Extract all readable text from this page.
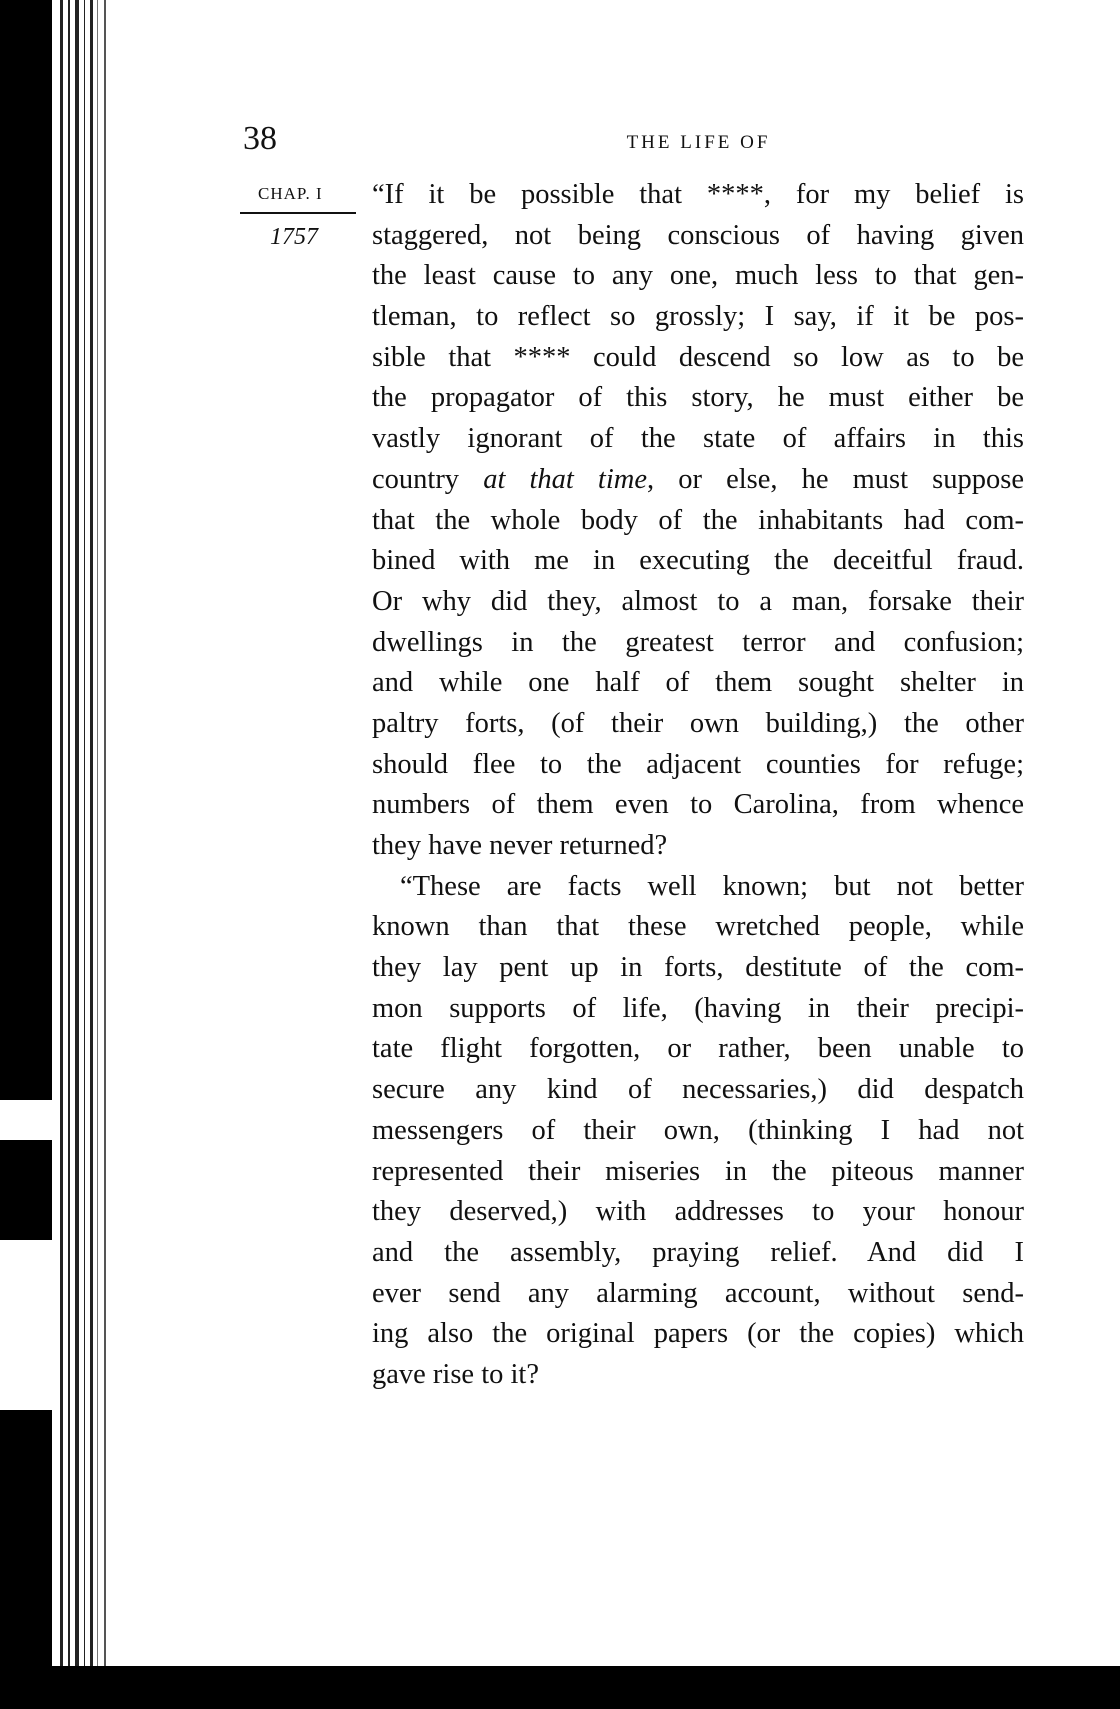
38	THE LIFE OF
CHAP. I
1757
“If it be possible that ****, for my belief is
staggered, not being conscious of having given
the least cause to any one, much less to that gen-
tleman, to reflect so grossly; I say, if it be pos-
sible that **** could descend so low as to be
the propagator of this story, he must either be
vastly ignorant of the state of affairs in this
country at that time, or else, he must suppose
that the whole body of the inhabitants had com-
bined with me in executing the deceitful fraud.
Or why did they, almost to a man, forsake their
dwellings in the greatest terror and confusion;
and while one half of them sought shelter in
paltry forts, (of their own building,) the other
should flee to the adjacent counties for refuge;
numbers of them even to Carolina, from whence
they have never returned?
“These are facts well known; but not better
known than that these wretched people, while
they lay pent up in forts, destitute of the com-
mon supports of life, (having in their precipi-
tate flight forgotten, or rather, been unable to
secure any kind of necessaries,) did despatch
messengers of their own, (thinking I had not
represented their miseries in the piteous manner
they deserved,) with addresses to your honour
and the assembly, praying relief. And did I
ever send any alarming account, without send-
ing also the original papers (or the copies) which
gave rise to it?
